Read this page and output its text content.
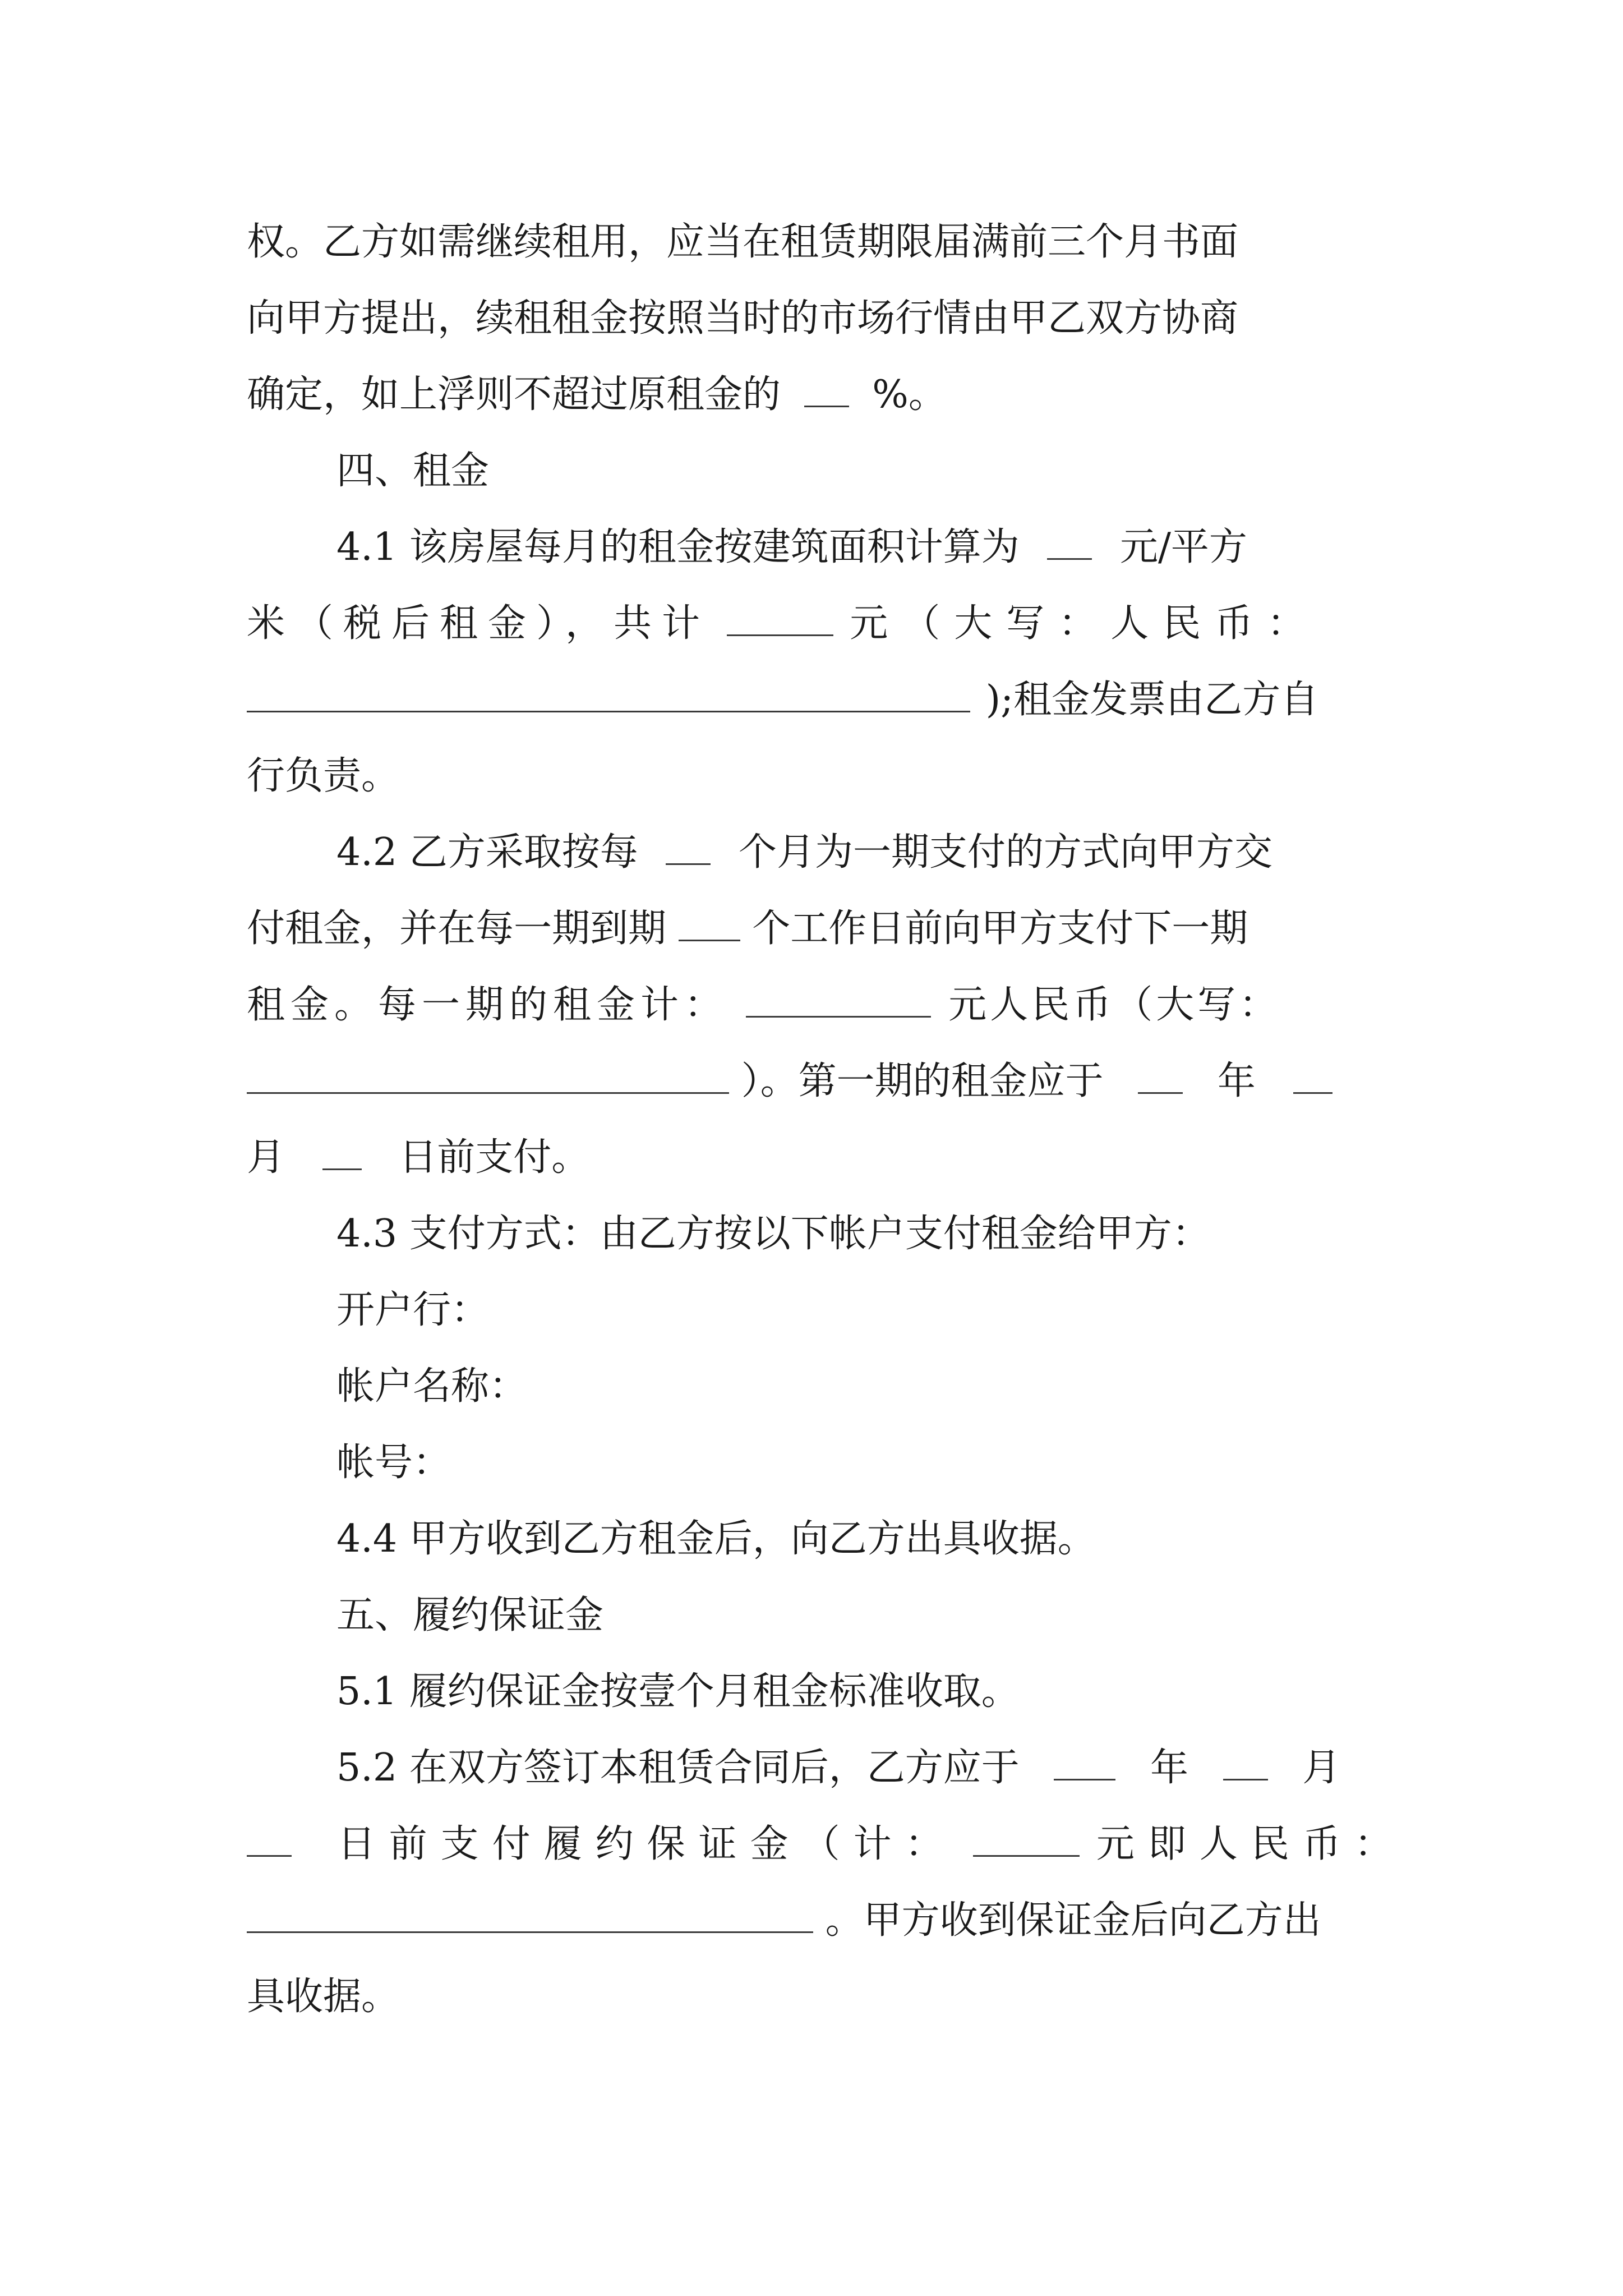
权。乙方如需继续租用，应当在租赁期限届满前三个月书面
向甲方提出，续租租金按照当时的市场行情由甲乙双方协商
确定，如上浮则不超过原租金的 %。
四、租金
4.1 该房屋每月的租金按建筑面积计算为	元/平方
米（税后租金），共计	元（大写：人民币：
);租金发票由乙方自
行负责。
4.2 乙方采取按每	个月为一期支付的方式向甲方交
付租金，并在每一期到期 个工作日前向甲方支付下一期
租金。每一期的租金计：	元人民币（大写：
）。第一期的租金应于	年
月	日前支付。
4.3 支付方式：由乙方按以下帐户支付租金给甲方：
开户行：
帐户名称：
帐号：
4.4 甲方收到乙方租金后，向乙方出具收据。
五、履约保证金
5.1 履约保证金按壹个月租金标准收取。
5.2 在双方签订本租赁合同后，乙方应于	年	月
日前支付履约保证金（计：	元即人民币：
。甲方收到保证金后向乙方出
具收据。
